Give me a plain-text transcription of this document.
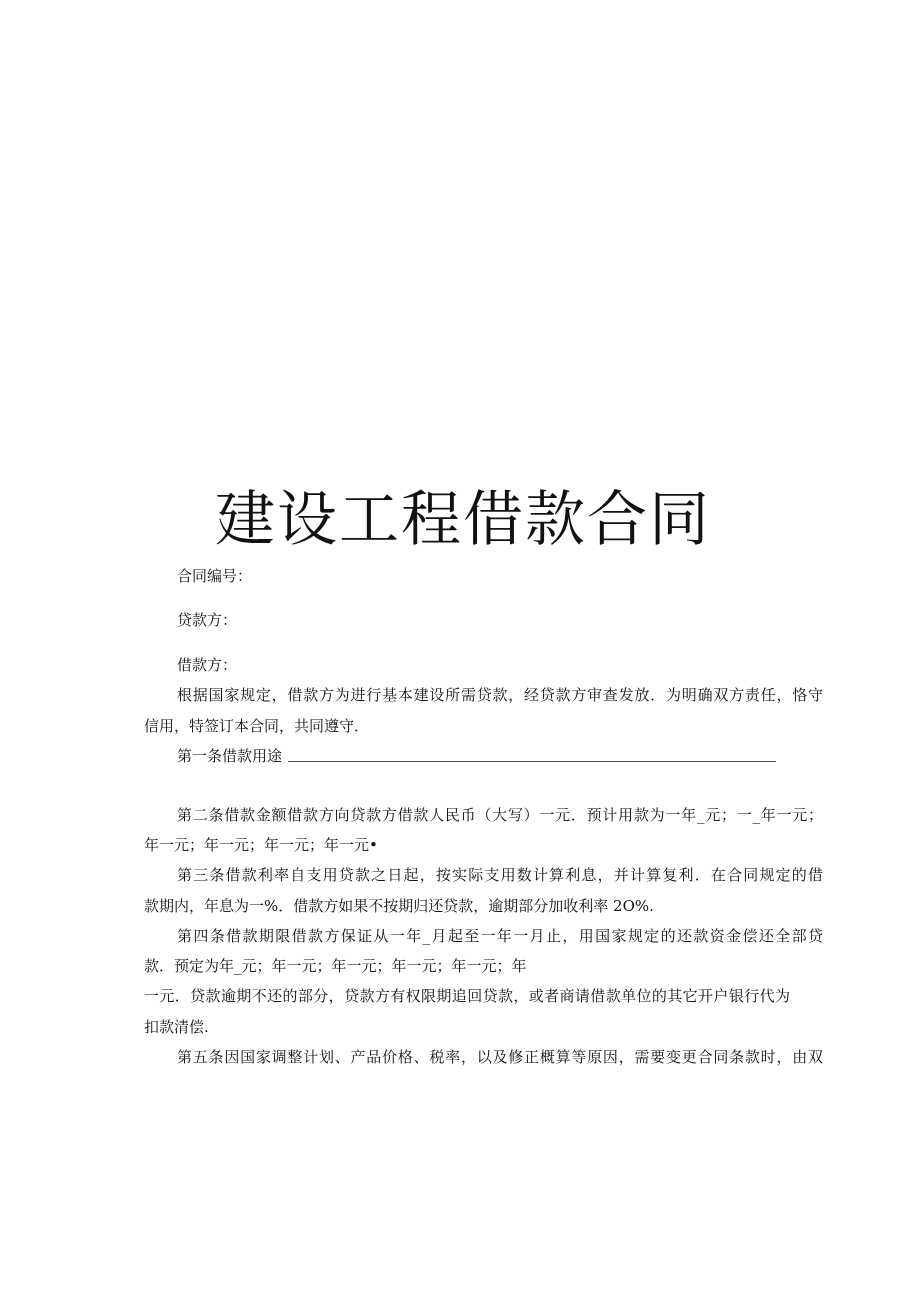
建设工程借款合同

合同编号：

贷款方：

借款方：

根据国家规定，借款方为进行基本建设所需贷款，经贷款方审查发放．为明确双方责任，恪守

信用，特签订本合同，共同遵守．

第一条借款用途

第二条借款金额借款方向贷款方借款人民币（大写）一元．预计用款为一年_元；一_年一元；

年一元；年一元；年一元；年一元•

第三条借款利率自支用贷款之日起，按实际支用数计算利息，并计算复利．在合同规定的借

款期内，年息为一%．借款方如果不按期归还贷款，逾期部分加收利率 2O%.

第四条借款期限借款方保证从一年_月起至一年一月止，用国家规定的还款资金偿还全部贷

款．预定为年_元；年一元；年一元；年一元；年一元；年

一元．贷款逾期不还的部分，贷款方有权限期追回贷款，或者商请借款单位的其它开户银行代为

扣款清偿.

第五条因国家调整计划、产品价格、税率，以及修正概算等原因，需要变更合同条款时，由双
